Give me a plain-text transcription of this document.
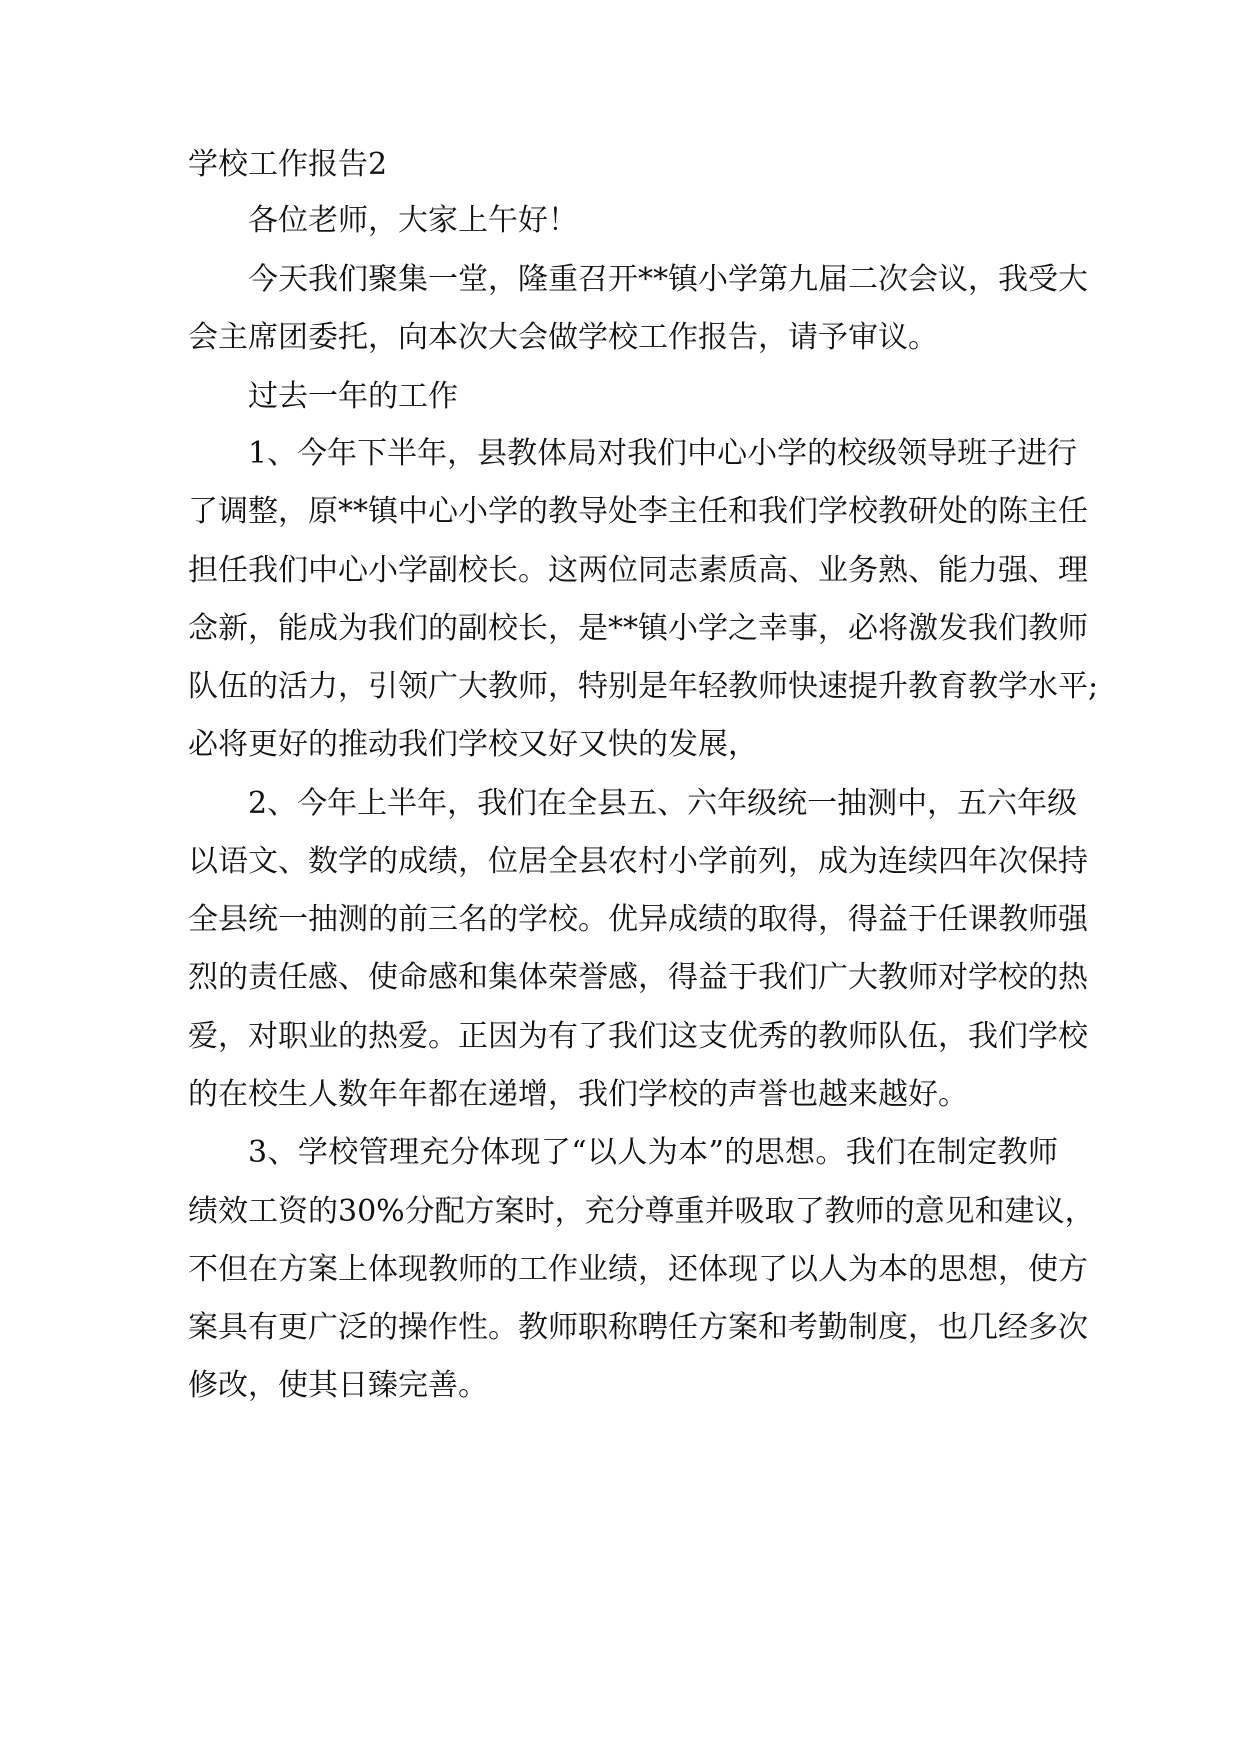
学校工作报告2
各位老师，大家上午好！
今天我们聚集一堂，隆重召开**镇小学第九届二次会议，我受大
会主席团委托，向本次大会做学校工作报告，请予审议。
过去一年的工作
1、今年下半年，县教体局对我们中心小学的校级领导班子进行
了调整，原**镇中心小学的教导处李主任和我们学校教研处的陈主任
担任我们中心小学副校长。这两位同志素质高、业务熟、能力强、理
念新，能成为我们的副校长，是**镇小学之幸事，必将激发我们教师
队伍的活力，引领广大教师，特别是年轻教师快速提升教育教学水平;
必将更好的推动我们学校又好又快的发展，
2、今年上半年，我们在全县五、六年级统一抽测中，五六年级
以语文、数学的成绩，位居全县农村小学前列，成为连续四年次保持
全县统一抽测的前三名的学校。优异成绩的取得，得益于任课教师强
烈的责任感、使命感和集体荣誉感，得益于我们广大教师对学校的热
爱，对职业的热爱。正因为有了我们这支优秀的教师队伍，我们学校
的在校生人数年年都在递增，我们学校的声誉也越来越好。
3、学校管理充分体现了“以人为本”的思想。我们在制定教师
绩效工资的30%分配方案时，充分尊重并吸取了教师的意见和建议，
不但在方案上体现教师的工作业绩，还体现了以人为本的思想，使方
案具有更广泛的操作性。教师职称聘任方案和考勤制度，也几经多次
修改，使其日臻完善。
